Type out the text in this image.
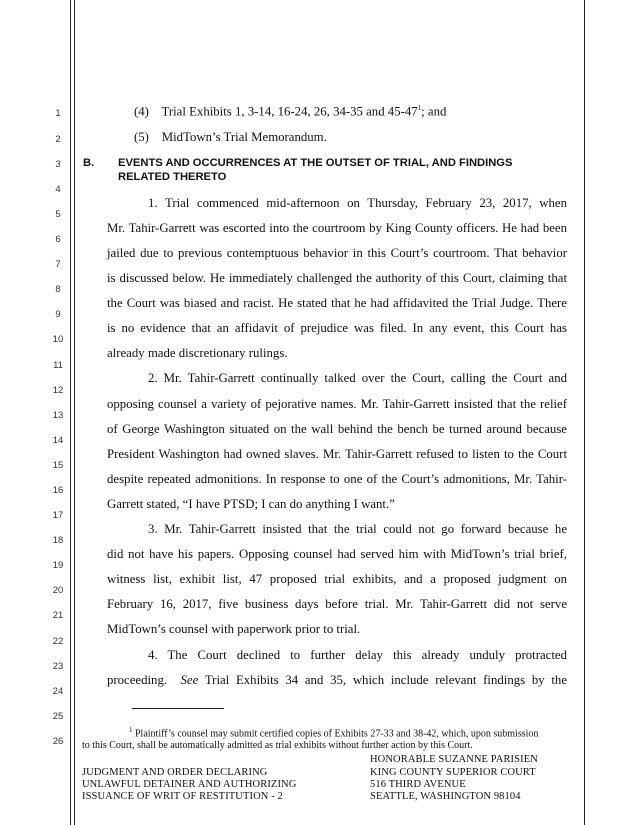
1
2
3
4
5
6
7
8
9
10
11
12
13
14
15
16
17
18
19
20
21
22
23
24
25
26
(4) Trial Exhibits 1, 3-14, 16-24, 26, 34-35 and $45-47^1$; and
(5) MidTown’s Trial Memorandum.
B. EVENTS AND OCCURRENCES AT THE OUTSET OF TRIAL, AND FINDINGS
RELATED THERETO
1. Trial commenced mid-afternoon on Thursday, February 23, 2017, when
Mr. Tahir-Garrett was escorted into the courtroom by King County officers. He had been
jailed due to previous contemptuous behavior in this Court’s courtroom. That behavior
is discussed below. He immediately challenged the authority of this Court, claiming that
the Court was biased and racist. He stated that he had affidavited the Trial Judge. There
is no evidence that an affidavit of prejudice was filed. In any event, this Court has
already made discretionary rulings.
2. Mr. Tahir-Garrett continually talked over the Court, calling the Court and
opposing counsel a variety of pejorative names. Mr. Tahir-Garrett insisted that the relief
of George Washington situated on the wall behind the bench be turned around because
President Washington had owned slaves. Mr. Tahir-Garrett refused to listen to the Court
despite repeated admonitions. In response to one of the Court’s admonitions, Mr. Tahir-
Garrett stated, “I have PTSD; I can do anything I want.”
3. Mr. Tahir-Garrett insisted that the trial could not go forward because he
did not have his papers. Opposing counsel had served him with MidTown’s trial brief,
witness list, exhibit list, 47 proposed trial exhibits, and a proposed judgment on
February 16, 2017, five business days before trial. Mr. Tahir-Garrett did not serve
MidTown’s counsel with paperwork prior to trial.
4. The Court declined to further delay this already unduly protracted
proceeding. See Trial Exhibits 34 and 35, which include relevant findings by the
$^1$ Plaintiff’s counsel may submit certified copies of Exhibits 27-33 and 38-42, which, upon submission
to this Court, shall be automatically admitted as trial exhibits without further action by this Court.
JUDGMENT AND ORDER DECLARING
UNLAWFUL DETAINER AND AUTHORIZING
ISSUANCE OF WRIT OF RESTITUTION - 2
HONORABLE SUZANNE PARISIEN
KING COUNTY SUPERIOR COURT
516 THIRD AVENUE
SEATTLE, WASHINGTON 98104
